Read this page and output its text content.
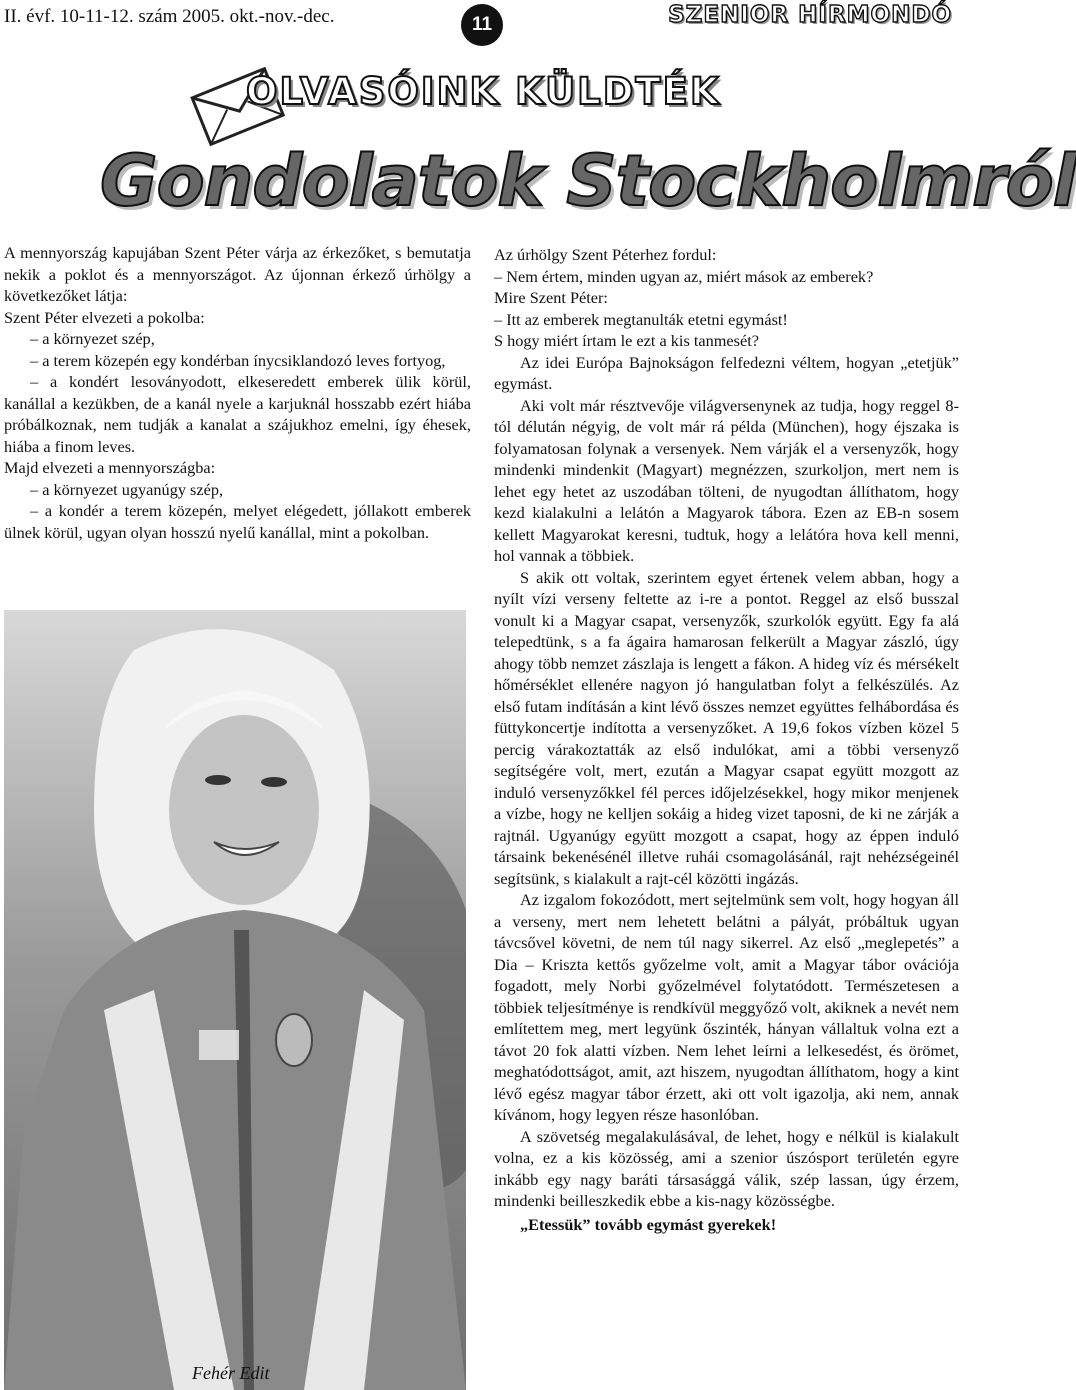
II. évf. 10-11-12. szám 2005. okt.-nov.-dec.	11	SZENIOR HÍRMONDÓ
OLVASÓINK KÜLDTÉK
Gondolatok Stockholmról

A mennyország kapujában Szent Péter várja az érkezőket, s bemutatja nekik a poklot és a mennyországot. Az újonnan érkező úrhölgy a következőket látja:

Szent Péter elvezeti a pokolba:

– a környezet szép,

– a terem közepén egy kondérban ínycsiklandozó leves fortyog,

– a kondért lesoványodott, elkeseredett emberek ülik körül, kanállal a kezükben, de a kanál nyele a karjuknál hosszabb ezért hiába próbálkoznak, nem tudják a kanalat a szájukhoz emelni, így éhesek, hiába a finom leves.

Majd elvezeti a mennyországba:

– a környezet ugyanúgy szép,

– a kondér a terem közepén, melyet elégedett, jóllakott emberek ülnek körül, ugyan olyan hosszú nyelű kanállal, mint a pokolban.

Fehér Edit

Az úrhölgy Szent Péterhez fordul:

– Nem értem, minden ugyan az, miért mások az emberek?

Mire Szent Péter:

– Itt az emberek megtanulták etetni egymást!

S hogy miért írtam le ezt a kis tanmesét?

Az idei Európa Bajnokságon felfedezni véltem, hogyan „etetjük” egymást.

Aki volt már résztvevője világversenynek az tudja, hogy reggel 8-tól délután négyig, de volt már rá példa (München), hogy éjszaka is folyamatosan folynak a versenyek. Nem várják el a versenyzők, hogy mindenki mindenkit (Magyart) megnézzen, szurkoljon, mert nem is lehet egy hetet az uszodában tölteni, de nyugodtan állíthatom, hogy kezd kialakulni a lelátón a Magyarok tábora. Ezen az EB-n sosem kellett Magyarokat keresni, tudtuk, hogy a lelátóra hova kell menni, hol vannak a többiek.

S akik ott voltak, szerintem egyet értenek velem abban, hogy a nyílt vízi verseny feltette az i-re a pontot. Reggel az első busszal vonult ki a Magyar csapat, versenyzők, szurkolók együtt. Egy fa alá telepedtünk, s a fa ágaira hamarosan felkerült a Magyar zászló, úgy ahogy több nemzet zászlaja is lengett a fákon. A hideg víz és mérsékelt hőmérséklet ellenére nagyon jó hangulatban folyt a felkészülés. Az első futam indításán a kint lévő összes nemzet együttes felhábordása és füttykoncertje indította a versenyzőket. A 19,6 fokos vízben közel 5 percig várakoztatták az első indulókat, ami a többi versenyző segítségére volt, mert, ezután a Magyar csapat együtt mozgott az induló versenyzőkkel fél perces időjelzésekkel, hogy mikor menjenek a vízbe, hogy ne kelljen sokáig a hideg vizet taposni, de ki ne zárják a rajtnál. Ugyanúgy együtt mozgott a csapat, hogy az éppen induló társaink bekenésénél illetve ruhái csomagolásánál, rajt nehézségeinél segítsünk, s kialakult a rajt-cél közötti ingázás.

Az izgalom fokozódott, mert sejtelmünk sem volt, hogy hogyan áll a verseny, mert nem lehetett belátni a pályát, próbáltuk ugyan távcsővel követni, de nem túl nagy sikerrel. Az első „meglepetés” a Dia – Kriszta kettős győzelme volt, amit a Magyar tábor ovációja fogadott, mely Norbi győzelmével folytatódott. Természetesen a többiek teljesítménye is rendkívül meggyőző volt, akiknek a nevét nem említettem meg, mert legyünk őszinték, hányan vállaltuk volna ezt a távot 20 fok alatti vízben. Nem lehet leírni a lelkesedést, és örömet, meghatódottságot, amit, azt hiszem, nyugodtan állíthatom, hogy a kint lévő egész magyar tábor érzett, aki ott volt igazolja, aki nem, annak kívánom, hogy legyen része hasonlóban.

A szövetség megalakulásával, de lehet, hogy e nélkül is kialakult volna, ez a kis közösség, ami a szenior úszósport területén egyre inkább egy nagy baráti társasággá válik, szép lassan, úgy érzem, mindenki beilleszkedik ebbe a kis-nagy közösségbe.

„Etessük” tovább egymást gyerekek!
